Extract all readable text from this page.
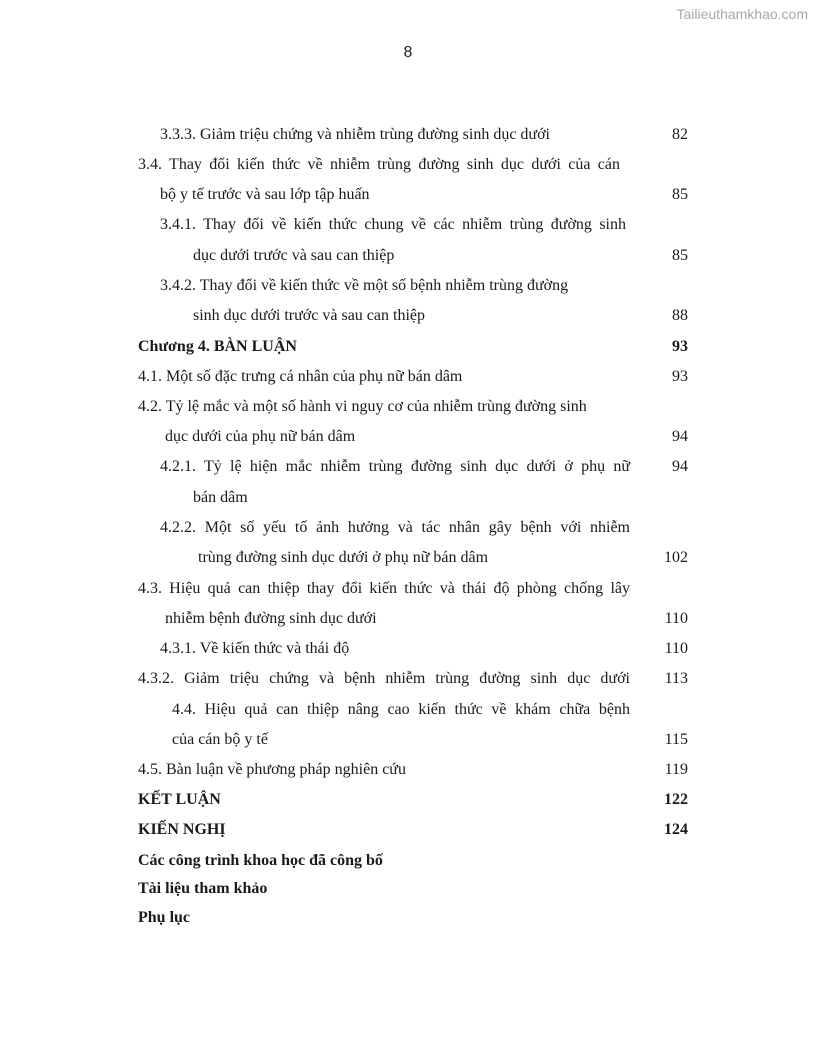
Tailieuthamkhao.com
8
3.3.3. Giảm triệu chứng và nhiễm trùng đường sinh dục dưới	82
3.4. Thay đổi kiến thức về nhiễm trùng đường sinh dục dưới của cán
bộ y tế trước và sau lớp tập huấn	85
3.4.1. Thay đổi về kiến thức chung về các nhiễm trùng đường sinh
dục dưới trước và sau can thiệp	85
3.4.2. Thay đổi về kiến thức về một số bệnh nhiễm trùng đường
sinh dục dưới trước và sau can thiệp	88
Chương 4. BÀN LUẬN	93
4.1. Một số đặc trưng cá nhân của phụ nữ bán dâm	93
4.2. Tỷ lệ mắc và một số hành vi nguy cơ của nhiễm trùng đường sinh
dục dưới của phụ nữ bán dâm	94
4.2.1. Tỷ lệ hiện mắc nhiễm trùng đường sinh dục dưới ở phụ nữ	94
bán dâm
4.2.2. Một số yếu tố ảnh hưởng và tác nhân gây bệnh với nhiễm
trùng đường sinh dục dưới ở phụ nữ bán dâm	102
4.3. Hiệu quả can thiệp thay đổi kiến thức và thái độ phòng chống lây
nhiễm bệnh đường sinh dục dưới	110
4.3.1. Về kiến thức và thái độ	110
4.3.2. Giảm triệu chứng và bệnh nhiễm trùng đường sinh dục dưới	113
4.4. Hiệu quả can thiệp nâng cao kiến thức về khám chữa bệnh
của cán bộ y tế	115
4.5. Bàn luận về phương pháp nghiên cứu	119
KẾT LUẬN	122
KIẾN NGHỊ	124
Các công trình khoa học đã công bố
Tài liệu tham khảo
Phụ lục
